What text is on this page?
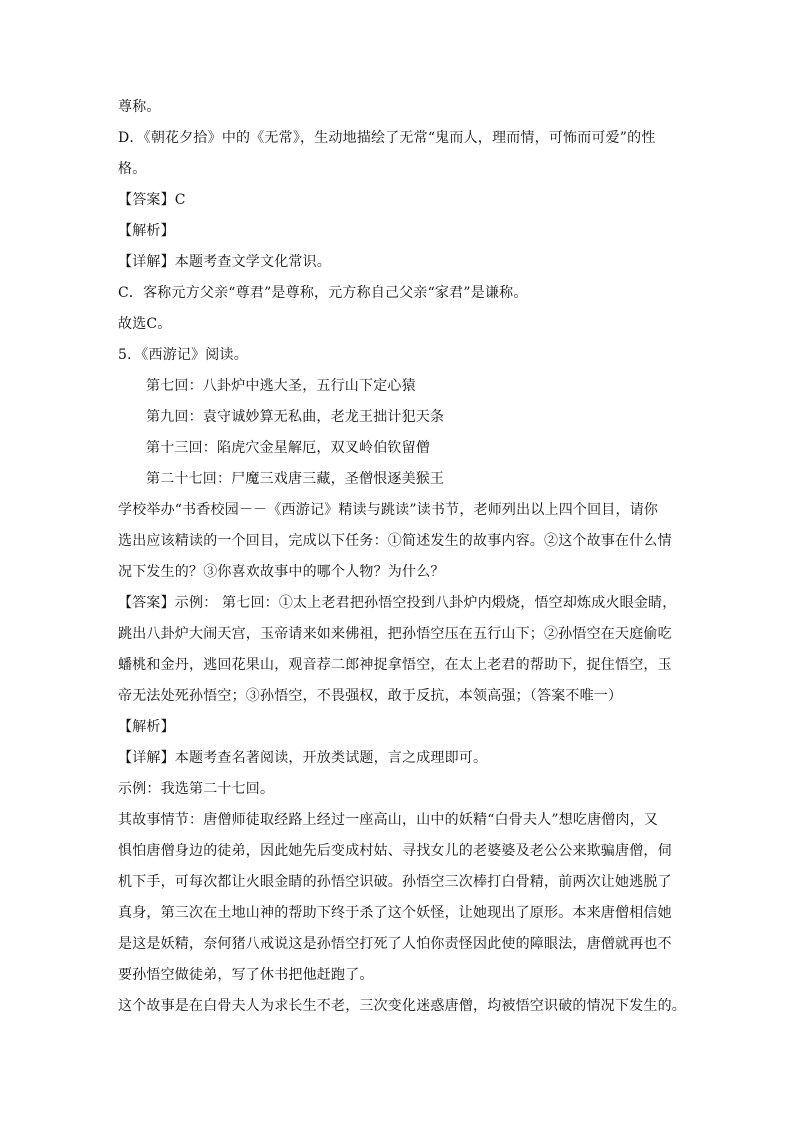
尊称。

D．《朝花夕拾》中的《无常》，生动地描绘了无常“鬼而人，理而情，可怖而可爱”的性

格。

【答案】C

【解析】

【详解】本题考查文学文化常识。

C．客称元方父亲“尊君”是尊称，元方称自己父亲“家君”是谦称。

故选C。

5．《西游记》阅读。

第七回：八卦炉中逃大圣，五行山下定心猿

第九回：袁守诚妙算无私曲，老龙王拙计犯天条

第十三回：陷虎穴金星解厄，双叉岭伯钦留僧

第二十七回：尸魔三戏唐三藏，圣僧恨逐美猴王

学校举办“书香校园－－《西游记》精读与跳读”读书节，老师列出以上四个回目，请你

选出应该精读的一个回目，完成以下任务：①简述发生的故事内容。②这个故事在什么情

况下发生的？③你喜欢故事中的哪个人物？为什么？

【答案】示例： 第七回：①太上老君把孙悟空投到八卦炉内煅烧，悟空却炼成火眼金睛，

跳出八卦炉大闹天宫，玉帝请来如来佛祖，把孙悟空压在五行山下；②孙悟空在天庭偷吃

蟠桃和金丹，逃回花果山，观音荐二郎神捉拿悟空，在太上老君的帮助下，捉住悟空，玉

帝无法处死孙悟空；③孙悟空，不畏强权，敢于反抗，本领高强；（答案不唯一）

【解析】

【详解】本题考查名著阅读，开放类试题，言之成理即可。

示例：我选第二十七回。

其故事情节：唐僧师徒取经路上经过一座高山，山中的妖精“白骨夫人”想吃唐僧肉，又

惧怕唐僧身边的徒弟，因此她先后变成村姑、寻找女儿的老婆婆及老公公来欺骗唐僧，伺

机下手，可每次都让火眼金睛的孙悟空识破。孙悟空三次棒打白骨精，前两次让她逃脱了

真身，第三次在土地山神的帮助下终于杀了这个妖怪，让她现出了原形。本来唐僧相信她

是这是妖精，奈何猪八戒说这是孙悟空打死了人怕你责怪因此使的障眼法，唐僧就再也不

要孙悟空做徒弟，写了休书把他赶跑了。

这个故事是在白骨夫人为求长生不老，三次变化迷惑唐僧，均被悟空识破的情况下发生的。
